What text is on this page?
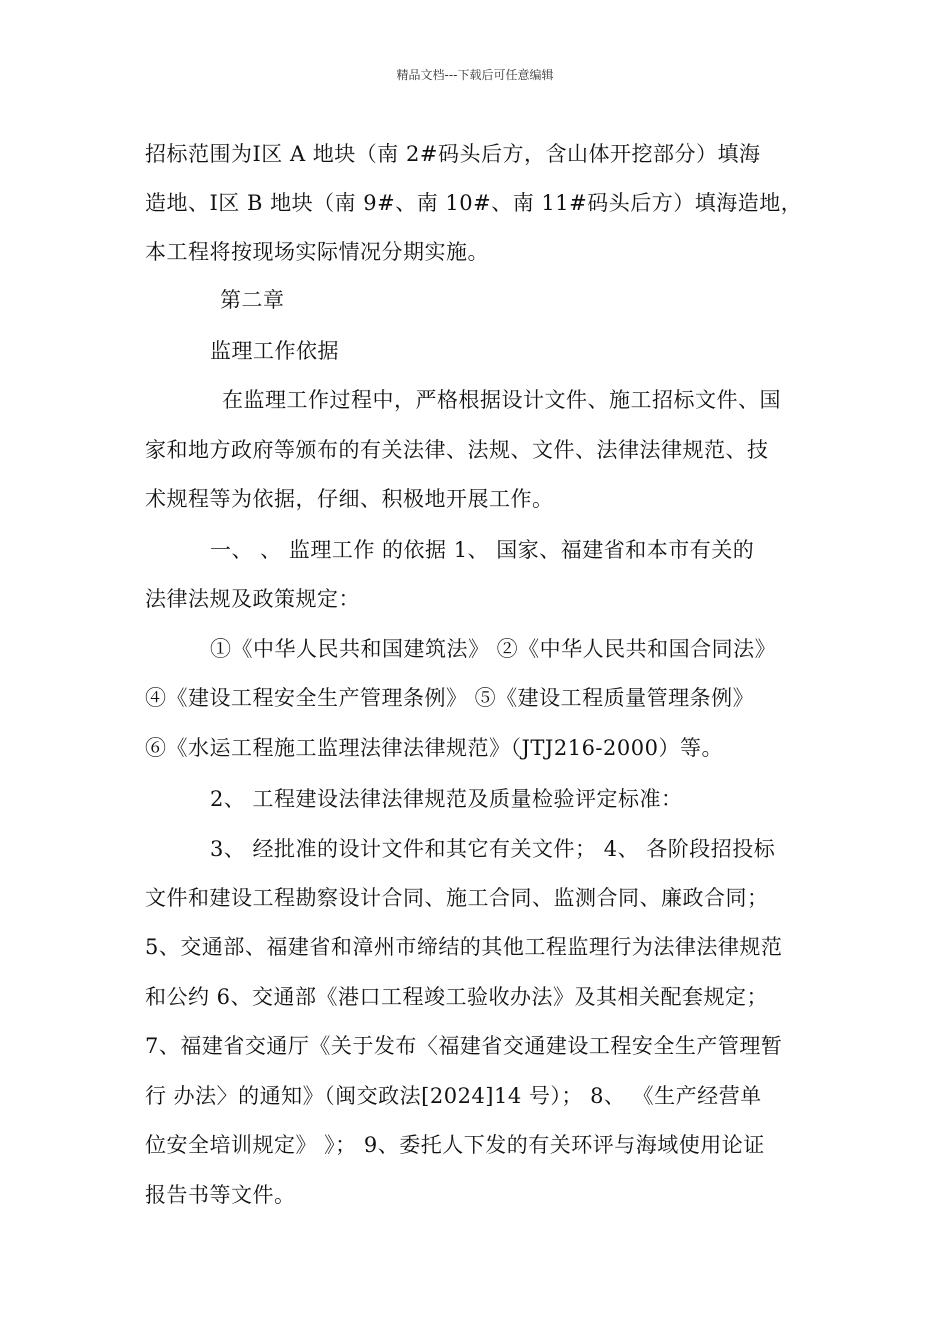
精品文档---下载后可任意编辑
招标范围为Ⅰ区 A 地块（南 2#码头后方，含山体开挖部分）填海
造地、Ⅰ区 B 地块（南 9#、南 10#、南 11#码头后方）填海造地，
本工程将按现场实际情况分期实施。
第二章
监理工作依据
在监理工作过程中，严格根据设计文件、施工招标文件、国
家和地方政府等颁布的有关法律、法规、文件、法律法律规范、技
术规程等为依据，仔细、积极地开展工作。
一、 、 监理工作 的依据 1、 国家、福建省和本市有关的
法律法规及政策规定：
①《中华人民共和国建筑法》 ②《中华人民共和国合同法》
④《建设工程安全生产管理条例》 ⑤《建设工程质量管理条例》
⑥《水运工程施工监理法律法律规范》（JTJ216-2000）等。
2、 工程建设法律法律规范及质量检验评定标准：
3、 经批准的设计文件和其它有关文件； 4、 各阶段招投标
文件和建设工程勘察设计合同、施工合同、监测合同、廉政合同；
5、交通部、福建省和漳州市缔结的其他工程监理行为法律法律规范
和公约 6、交通部《港口工程竣工验收办法》及其相关配套规定；
7、福建省交通厅《关于发布〈福建省交通建设工程安全生产管理暂
行 办法〉的通知》（闽交政法[2024]14 号）； 8、 《生产经营单
位安全培训规定》 》； 9、委托人下发的有关环评与海域使用论证
报告书等文件。
